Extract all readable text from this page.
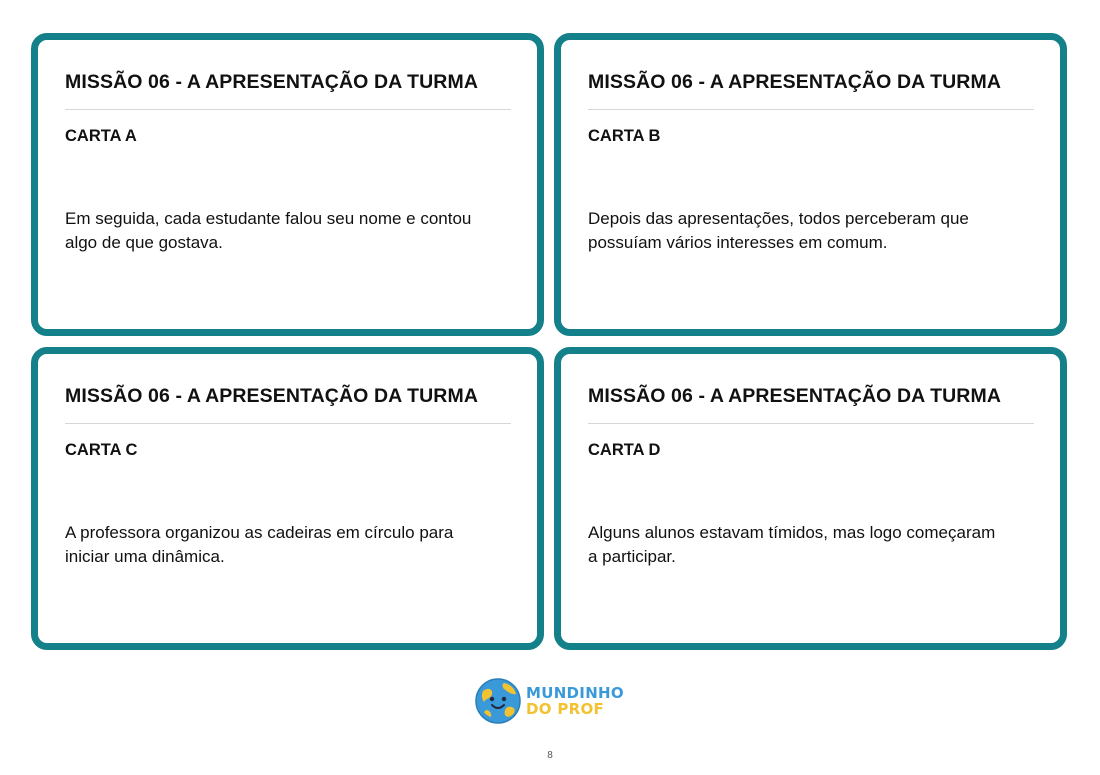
MISSÃO 06 - A APRESENTAÇÃO DA TURMA
CARTA A
Em seguida, cada estudante falou seu nome e contou algo de que gostava.
MISSÃO 06 - A APRESENTAÇÃO DA TURMA
CARTA B
Depois das apresentações, todos perceberam que possuíam vários interesses em comum.
MISSÃO 06 - A APRESENTAÇÃO DA TURMA
CARTA C
A professora organizou as cadeiras em círculo para iniciar uma dinâmica.
MISSÃO 06 - A APRESENTAÇÃO DA TURMA
CARTA D
Alguns alunos estavam tímidos, mas logo começaram a participar.
MUNDINHO
DO PROF
8
